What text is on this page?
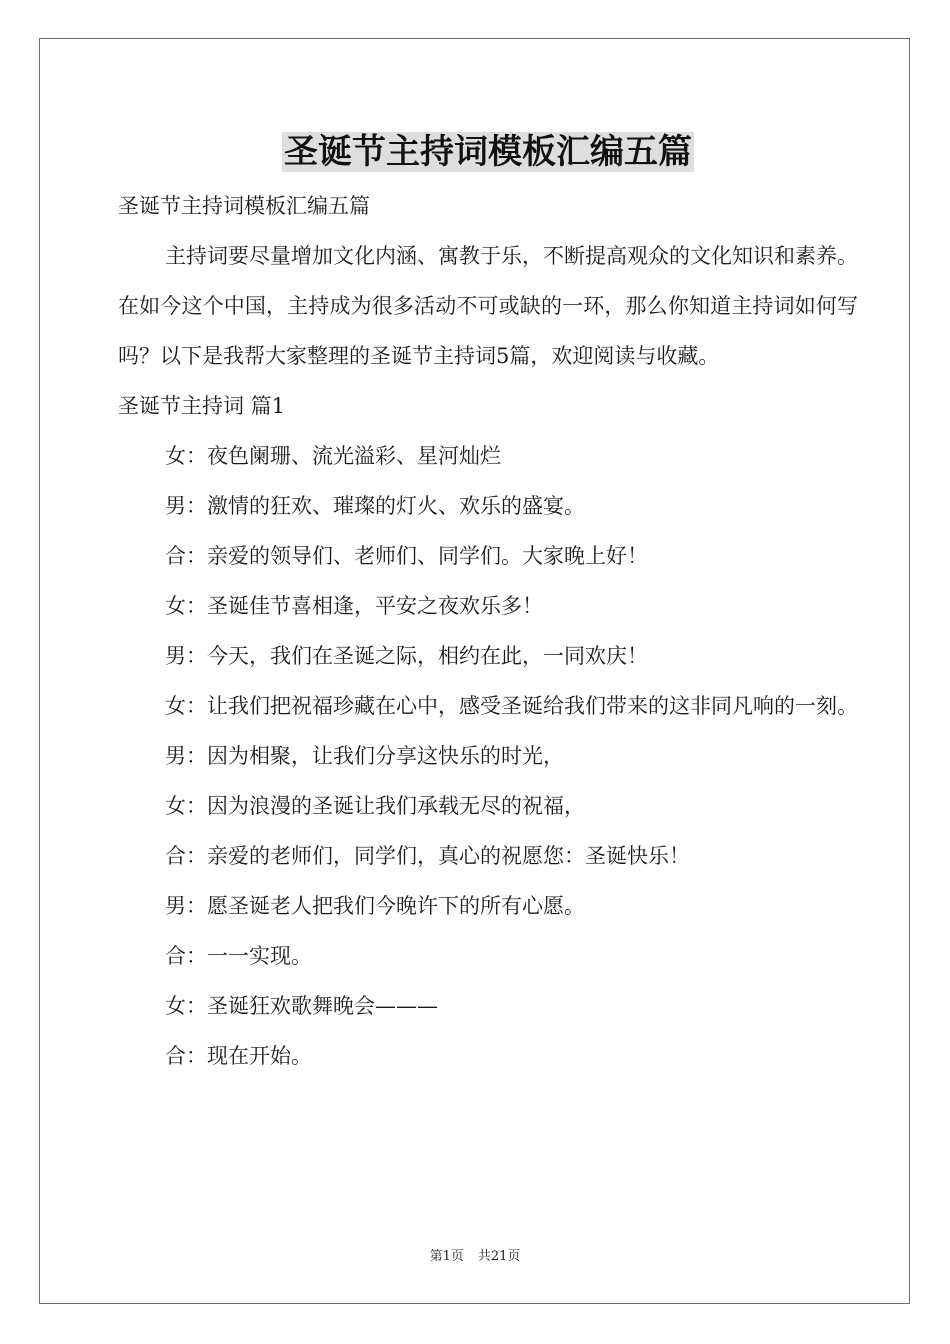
圣诞节主持词模板汇编五篇

圣诞节主持词模板汇编五篇

主持词要尽量增加文化内涵、寓教于乐，不断提高观众的文化知识和素养。在如今这个中国，主持成为很多活动不可或缺的一环，那么你知道主持词如何写吗？以下是我帮大家整理的圣诞节主持词5篇，欢迎阅读与收藏。

圣诞节主持词 篇1

女：夜色阑珊、流光溢彩、星河灿烂

男：激情的狂欢、璀璨的灯火、欢乐的盛宴。

合：亲爱的领导们、老师们、同学们。大家晚上好！

女：圣诞佳节喜相逢，平安之夜欢乐多！

男：今天，我们在圣诞之际，相约在此，一同欢庆！

女：让我们把祝福珍藏在心中，感受圣诞给我们带来的这非同凡响的一刻。

男：因为相聚，让我们分享这快乐的时光，

女：因为浪漫的圣诞让我们承载无尽的祝福，

合：亲爱的老师们，同学们，真心的祝愿您：圣诞快乐！

男：愿圣诞老人把我们今晚许下的所有心愿。

合：一一实现。

女：圣诞狂欢歌舞晚会———

合：现在开始。

第1页 共21页
